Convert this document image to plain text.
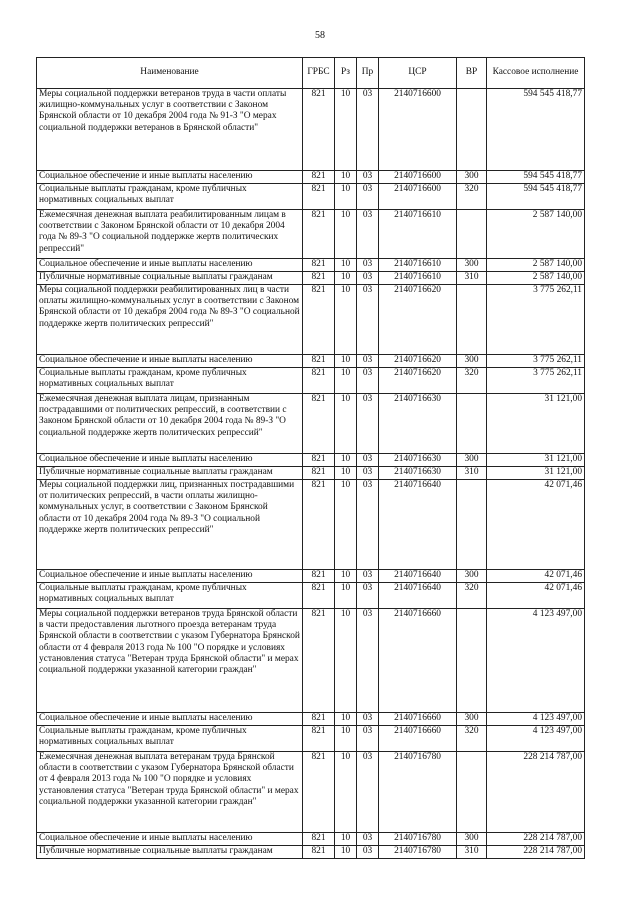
58
Наименование	ГРБС	Рз	Пр	ЦСР	ВР	Кассовое исполнение
Меры социальной поддержки ветеранов труда в части оплаты жилищно-коммунальных услуг в соответствии с Законом Брянской области от 10 декабря 2004 года № 91-З "О мерах социальной поддержки ветеранов в Брянской области"	821	10	03	2140716600		594 545 418,77
Социальное обеспечение и иные выплаты населению	821	10	03	2140716600	300	594 545 418,77
Социальные выплаты гражданам, кроме публичных нормативных социальных выплат	821	10	03	2140716600	320	594 545 418,77
Ежемесячная денежная выплата реабилитированным лицам в соответствии с Законом Брянской области от 10 декабря 2004 года № 89-З "О социальной поддержке жертв политических репрессий"	821	10	03	2140716610		2 587 140,00
Социальное обеспечение и иные выплаты населению	821	10	03	2140716610	300	2 587 140,00
Публичные нормативные социальные выплаты гражданам	821	10	03	2140716610	310	2 587 140,00
Меры социальной поддержки реабилитированных лиц в части оплаты жилищно-коммунальных услуг в соответствии с Законом Брянской области от 10 декабря 2004 года № 89-З "О социальной поддержке жертв политических репрессий"	821	10	03	2140716620		3 775 262,11
Социальное обеспечение и иные выплаты населению	821	10	03	2140716620	300	3 775 262,11
Социальные выплаты гражданам, кроме публичных нормативных социальных выплат	821	10	03	2140716620	320	3 775 262,11
Ежемесячная денежная выплата лицам, признанным пострадавшими от политических репрессий, в соответствии с Законом Брянской области от 10 декабря 2004 года № 89-З "О социальной поддержке жертв политических репрессий"	821	10	03	2140716630		31 121,00
Социальное обеспечение и иные выплаты населению	821	10	03	2140716630	300	31 121,00
Публичные нормативные социальные выплаты гражданам	821	10	03	2140716630	310	31 121,00
Меры социальной поддержки лиц, признанных пострадавшими от политических репрессий, в части оплаты жилищно-коммунальных услуг, в соответствии с Законом Брянской области от 10 декабря 2004 года № 89-З "О социальной поддержке жертв политических репрессий"	821	10	03	2140716640		42 071,46
Социальное обеспечение и иные выплаты населению	821	10	03	2140716640	300	42 071,46
Социальные выплаты гражданам, кроме публичных нормативных социальных выплат	821	10	03	2140716640	320	42 071,46
Меры социальной поддержки ветеранов труда Брянской области в части предоставления льготного проезда ветеранам труда Брянской области в соответствии с указом Губернатора Брянской области от 4 февраля 2013 года № 100 "О порядке и условиях установления статуса "Ветеран труда Брянской области" и мерах социальной поддержки указанной категории граждан"	821	10	03	2140716660		4 123 497,00
Социальное обеспечение и иные выплаты населению	821	10	03	2140716660	300	4 123 497,00
Социальные выплаты гражданам, кроме публичных нормативных социальных выплат	821	10	03	2140716660	320	4 123 497,00
Ежемесячная денежная выплата ветеранам труда Брянской области в соответствии с указом Губернатора Брянской области от 4 февраля 2013 года № 100 "О порядке и условиях установления статуса "Ветеран труда Брянской области" и мерах социальной поддержки указанной категории граждан"	821	10	03	2140716780		228 214 787,00
Социальное обеспечение и иные выплаты населению	821	10	03	2140716780	300	228 214 787,00
Публичные нормативные социальные выплаты гражданам	821	10	03	2140716780	310	228 214 787,00
